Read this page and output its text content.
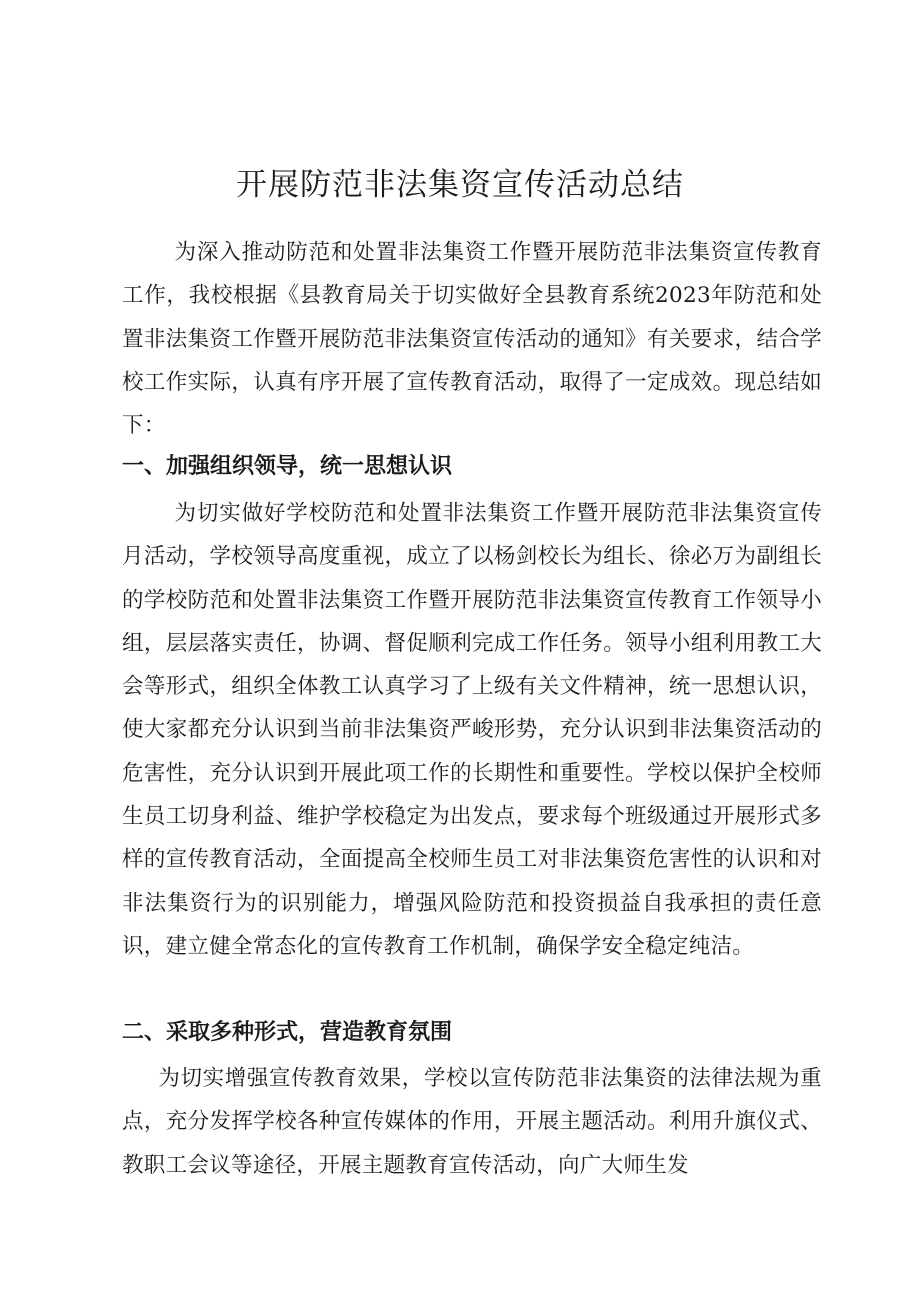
开展防范非法集资宣传活动总结
为深入推动防范和处置非法集资工作暨开展防范非法集资宣传教育工作，我校根据《县教育局关于切实做好全县教育系统2023年防范和处置非法集资工作暨开展防范非法集资宣传活动的通知》有关要求，结合学校工作实际，认真有序开展了宣传教育活动，取得了一定成效。现总结如下：
一、加强组织领导，统一思想认识
为切实做好学校防范和处置非法集资工作暨开展防范非法集资宣传月活动，学校领导高度重视，成立了以杨剑校长为组长、徐必万为副组长的学校防范和处置非法集资工作暨开展防范非法集资宣传教育工作领导小组，层层落实责任，协调、督促顺利完成工作任务。领导小组利用教工大会等形式，组织全体教工认真学习了上级有关文件精神，统一思想认识，使大家都充分认识到当前非法集资严峻形势，充分认识到非法集资活动的危害性，充分认识到开展此项工作的长期性和重要性。学校以保护全校师生员工切身利益、维护学校稳定为出发点，要求每个班级通过开展形式多样的宣传教育活动，全面提高全校师生员工对非法集资危害性的认识和对非法集资行为的识别能力，增强风险防范和投资损益自我承担的责任意识，建立健全常态化的宣传教育工作机制，确保学安全稳定纯洁。
二、采取多种形式，营造教育氛围
为切实增强宣传教育效果，学校以宣传防范非法集资的法律法规为重点，充分发挥学校各种宣传媒体的作用，开展主题活动。利用升旗仪式、教职工会议等途径，开展主题教育宣传活动，向广大师生发
